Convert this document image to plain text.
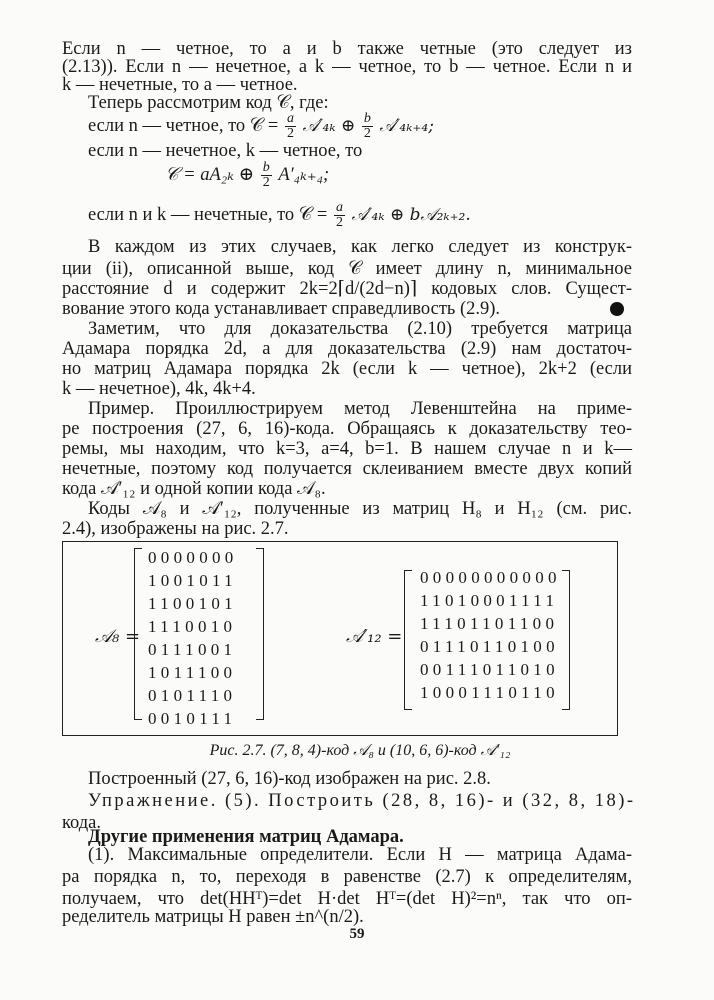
Если n — четное, то a и b также четные (это следует из
(2.13)). Если n — нечетное, а k — четное, то b — четное. Если n и
k — нечетные, то a — четное.
Теперь рассмотрим код 𝒞, где:
если n — четное, то 𝒞 = $\frac{a}{2}$ 𝒜′₄ₖ ⊕ $\frac{b}{2}$ 𝒜′₄ₖ₊₄;
если n — нечетное, k — четное, то
𝒞 = aA₂ₖ ⊕ $\frac{b}{2} A'_{4k+4}$;
если n и k — нечетные, то 𝒞 = $\frac{a}{2}$ 𝒜′₄ₖ ⊕ b𝒜₂ₖ₊₂.
В каждом из этих случаев, как легко следует из конструк-
ции (ii), описанной выше, код 𝒞 имеет длину n, минимальное
расстояние d и содержит 2k=2⌈d/(2d−n)⌉ кодовых слов. Сущест-
вование этого кода устанавливает справедливость (2.9).
Заметим, что для доказательства (2.10) требуется матрица
Адамара порядка 2d, а для доказательства (2.9) нам достаточ-
но матриц Адамара порядка 2k (если k — четное), 2k+2 (если
k — нечетное), 4k, 4k+4.
Пример. Проиллюстрируем метод Левенштейна на приме-
ре построения (27, 6, 16)-кода. Обращаясь к доказательству тео-
ремы, мы находим, что k=3, a=4, b=1. В нашем случае n и k—
нечетные, поэтому код получается склеиванием вместе двух копий
кода 𝒜′₁₂ и одной копии кода 𝒜₈.
Коды 𝒜₈ и 𝒜′₁₂, полученные из матриц H₈ и H₁₂ (см. рис.
2.4), изображены на рис. 2.7.
𝒜₈ =
0000000
1001011
1100101
1110010
0111001
1011100
0101110
0010111
𝒜′₁₂ =
00000000000
11010001111
11101101100
01110110100
00111011010
10001110110
Рис. 2.7. (7, 8, 4)-код 𝒜₈ и (10, 6, 6)-код 𝒜′₁₂
Построенный (27, 6, 16)-код изображен на рис. 2.8.
Упражнение. (5). Построить (28, 8, 16)- и (32, 8, 18)-
кода.
Другие применения матриц Адамара.
(1). Максимальные определители. Если H — матрица Адама-
ра порядка n, то, переходя в равенстве (2.7) к определителям,
получаем, что det(HHᵀ)=det H·det Hᵀ=(det H)²=nⁿ, так что оп-
ределитель матрицы H равен ±n^(n/2).
59
